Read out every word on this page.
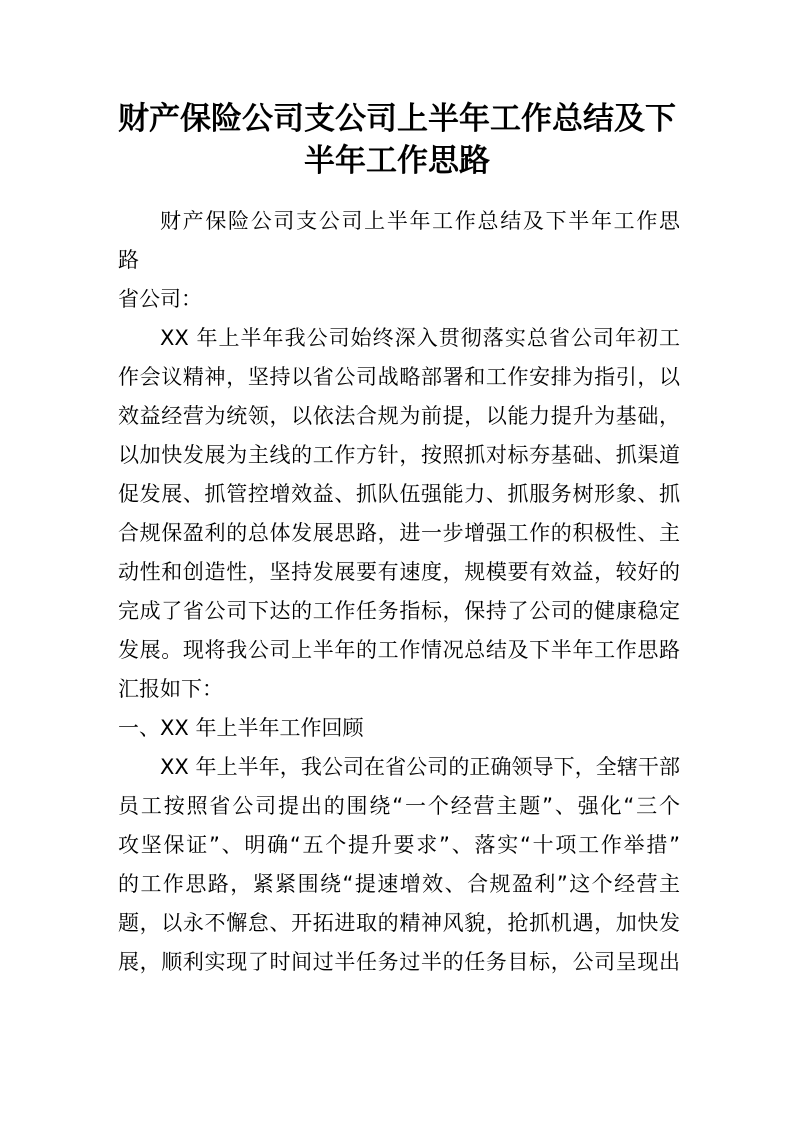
财产保险公司支公司上半年工作总结及下
半年工作思路
财产保险公司支公司上半年工作总结及下半年工作思
路
省公司：
XX 年上半年我公司始终深入贯彻落实总省公司年初工
作会议精神，坚持以省公司战略部署和工作安排为指引，以
效益经营为统领，以依法合规为前提，以能力提升为基础，
以加快发展为主线的工作方针，按照抓对标夯基础、抓渠道
促发展、抓管控增效益、抓队伍强能力、抓服务树形象、抓
合规保盈利的总体发展思路，进一步增强工作的积极性、主
动性和创造性，坚持发展要有速度，规模要有效益，较好的
完成了省公司下达的工作任务指标，保持了公司的健康稳定
发展。现将我公司上半年的工作情况总结及下半年工作思路
汇报如下：
一、XX 年上半年工作回顾
XX 年上半年，我公司在省公司的正确领导下，全辖干部
员工按照省公司提出的围绕“一个经营主题”、强化“三个
攻坚保证”、明确“五个提升要求”、落实“十项工作举措”
的工作思路，紧紧围绕“提速增效、合规盈利”这个经营主
题，以永不懈怠、开拓进取的精神风貌，抢抓机遇，加快发
展，顺利实现了时间过半任务过半的任务目标，公司呈现出
